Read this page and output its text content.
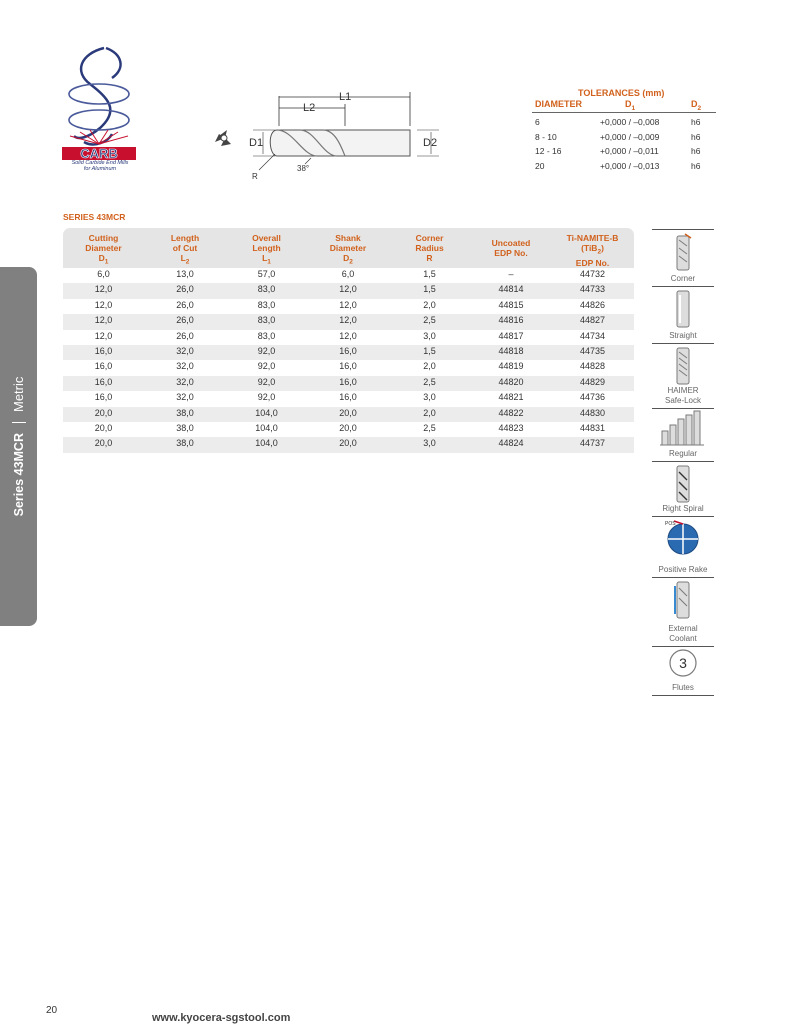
CARB
Solid Carbide End Mills
for Aluminum
L1
L2
D1	D2
R
38°
TOLERANCES (mm)
DIAMETER	$D_1$	$D_2$
SERIES 43MCR
Cutting
Diameter
$D_1$
Length
of Cut
$L_2$
Overall
Length
$L_1$
Shank
Diameter
$D_2$
Corner
Radius
R
Uncoated
EDP No.
Ti-NAMITE-B
(TiB$_2$)
EDP No.
6,0	13,0	57,0	6,0	1,5	–	44732
12,0	26,0	83,0	12,0	1,5	44814	44733
12,0	26,0	83,0	12,0	2,0	44815	44826
12,0	26,0	83,0	12,0	2,5	44816	44827
12,0	26,0	83,0	12,0	3,0	44817	44734
16,0	32,0	92,0	16,0	1,5	44818	44735
16,0	32,0	92,0	16,0	2,0	44819	44828
16,0	32,0	92,0	16,0	2,5	44820	44829
16,0	32,0	92,0	16,0	3,0	44821	44736
20,0	38,0	104,0	20,0	2,0	44822	44830
20,0	38,0	104,0	20,0	2,5	44823	44831
20,0	38,0	104,0	20,0	3,0	44824	44737
Corner
Straight
HAIMER
Safe-Lock
Regular
Right Spiral
POS
Positive Rake
External
Coolant
3
Flutes
Series 43MCR
Metric
20
www.kyocera-sgstool.com
6	+0,000 / –0,008	h6
8 - 10	+0,000 / –0,009	h6
12 - 16	+0,000 / –0,011	h6
20	+0,000 / –0,013	h6
